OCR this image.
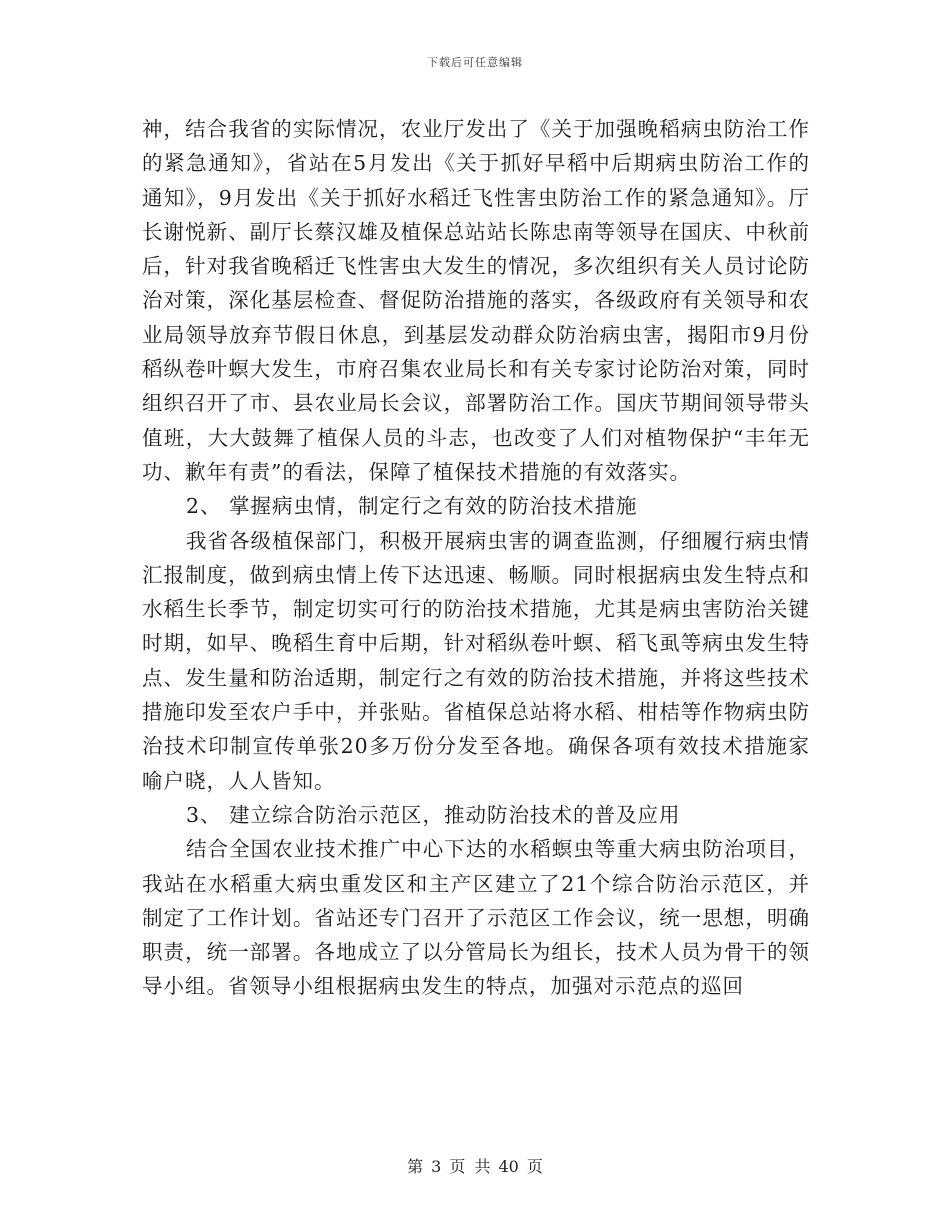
下载后可任意编辑

神，结合我省的实际情况，农业厅发出了《关于加强晚稻病虫防治工作的紧急通知》，省站在5月发出《关于抓好早稻中后期病虫防治工作的通知》，9月发出《关于抓好水稻迁飞性害虫防治工作的紧急通知》。厅长谢悦新、副厅长蔡汉雄及植保总站站长陈忠南等领导在国庆、中秋前后，针对我省晚稻迁飞性害虫大发生的情况，多次组织有关人员讨论防治对策，深化基层检查、督促防治措施的落实，各级政府有关领导和农业局领导放弃节假日休息，到基层发动群众防治病虫害，揭阳市9月份稻纵卷叶螟大发生，市府召集农业局长和有关专家讨论防治对策，同时组织召开了市、县农业局长会议，部署防治工作。国庆节期间领导带头值班，大大鼓舞了植保人员的斗志，也改变了人们对植物保护“丰年无功、歉年有责”的看法，保障了植保技术措施的有效落实。

2、 掌握病虫情，制定行之有效的防治技术措施

我省各级植保部门，积极开展病虫害的调查监测，仔细履行病虫情汇报制度，做到病虫情上传下达迅速、畅顺。同时根据病虫发生特点和水稻生长季节，制定切实可行的防治技术措施，尤其是病虫害防治关键时期，如早、晚稻生育中后期，针对稻纵卷叶螟、稻飞虱等病虫发生特点、发生量和防治适期，制定行之有效的防治技术措施，并将这些技术措施印发至农户手中，并张贴。省植保总站将水稻、柑桔等作物病虫防治技术印制宣传单张20多万份分发至各地。确保各项有效技术措施家喻户晓，人人皆知。

3、 建立综合防治示范区，推动防治技术的普及应用

结合全国农业技术推广中心下达的水稻螟虫等重大病虫防治项目，我站在水稻重大病虫重发区和主产区建立了21个综合防治示范区，并制定了工作计划。省站还专门召开了示范区工作会议，统一思想，明确职责，统一部署。各地成立了以分管局长为组长，技术人员为骨干的领导小组。省领导小组根据病虫发生的特点，加强对示范点的巡回

第 3 页 共 40 页
